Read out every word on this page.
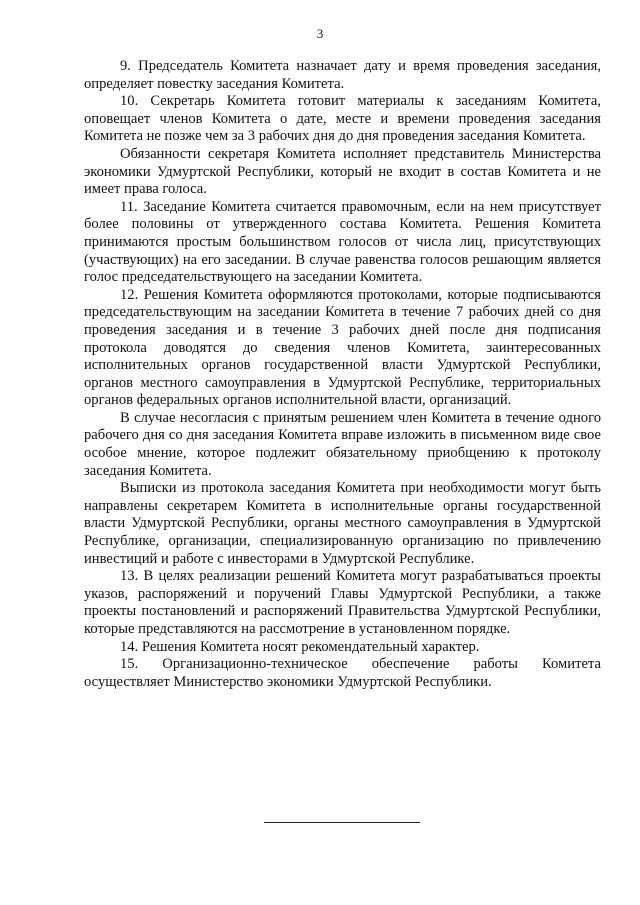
3

9. Председатель Комитета назначает дату и время проведения заседания, определяет повестку заседания Комитета.

10. Секретарь Комитета готовит материалы к заседаниям Комитета, оповещает членов Комитета о дате, месте и времени проведения заседания Комитета не позже чем за 3 рабочих дня до дня проведения заседания Комитета.

Обязанности секретаря Комитета исполняет представитель Министерства экономики Удмуртской Республики, который не входит в состав Комитета и не имеет права голоса.

11. Заседание Комитета считается правомочным, если на нем присутствует более половины от утвержденного состава Комитета. Решения Комитета принимаются простым большинством голосов от числа лиц, присутствующих (участвующих) на его заседании. В случае равенства голосов решающим является голос председательствующего на заседании Комитета.

12. Решения Комитета оформляются протоколами, которые подписываются председательствующим на заседании Комитета в течение 7 рабочих дней со дня проведения заседания и в течение 3 рабочих дней после дня подписания протокола доводятся до сведения членов Комитета, заинтересованных исполнительных органов государственной власти Удмуртской Республики, органов местного самоуправления в Удмуртской Республике, территориальных органов федеральных органов исполнительной власти, организаций.

В случае несогласия с принятым решением член Комитета в течение одного рабочего дня со дня заседания Комитета вправе изложить в письменном виде свое особое мнение, которое подлежит обязательному приобщению к протоколу заседания Комитета.

Выписки из протокола заседания Комитета при необходимости могут быть направлены секретарем Комитета в исполнительные органы государственной власти Удмуртской Республики, органы местного самоуправления в Удмуртской Республике, организации, специализированную организацию по привлечению инвестиций и работе с инвесторами в Удмуртской Республике.

13. В целях реализации решений Комитета могут разрабатываться проекты указов, распоряжений и поручений Главы Удмуртской Республики, а также проекты постановлений и распоряжений Правительства Удмуртской Республики, которые представляются на рассмотрение в установленном порядке.

14. Решения Комитета носят рекомендательный характер.

15. Организационно-техническое обеспечение работы Комитета осуществляет Министерство экономики Удмуртской Республики.
